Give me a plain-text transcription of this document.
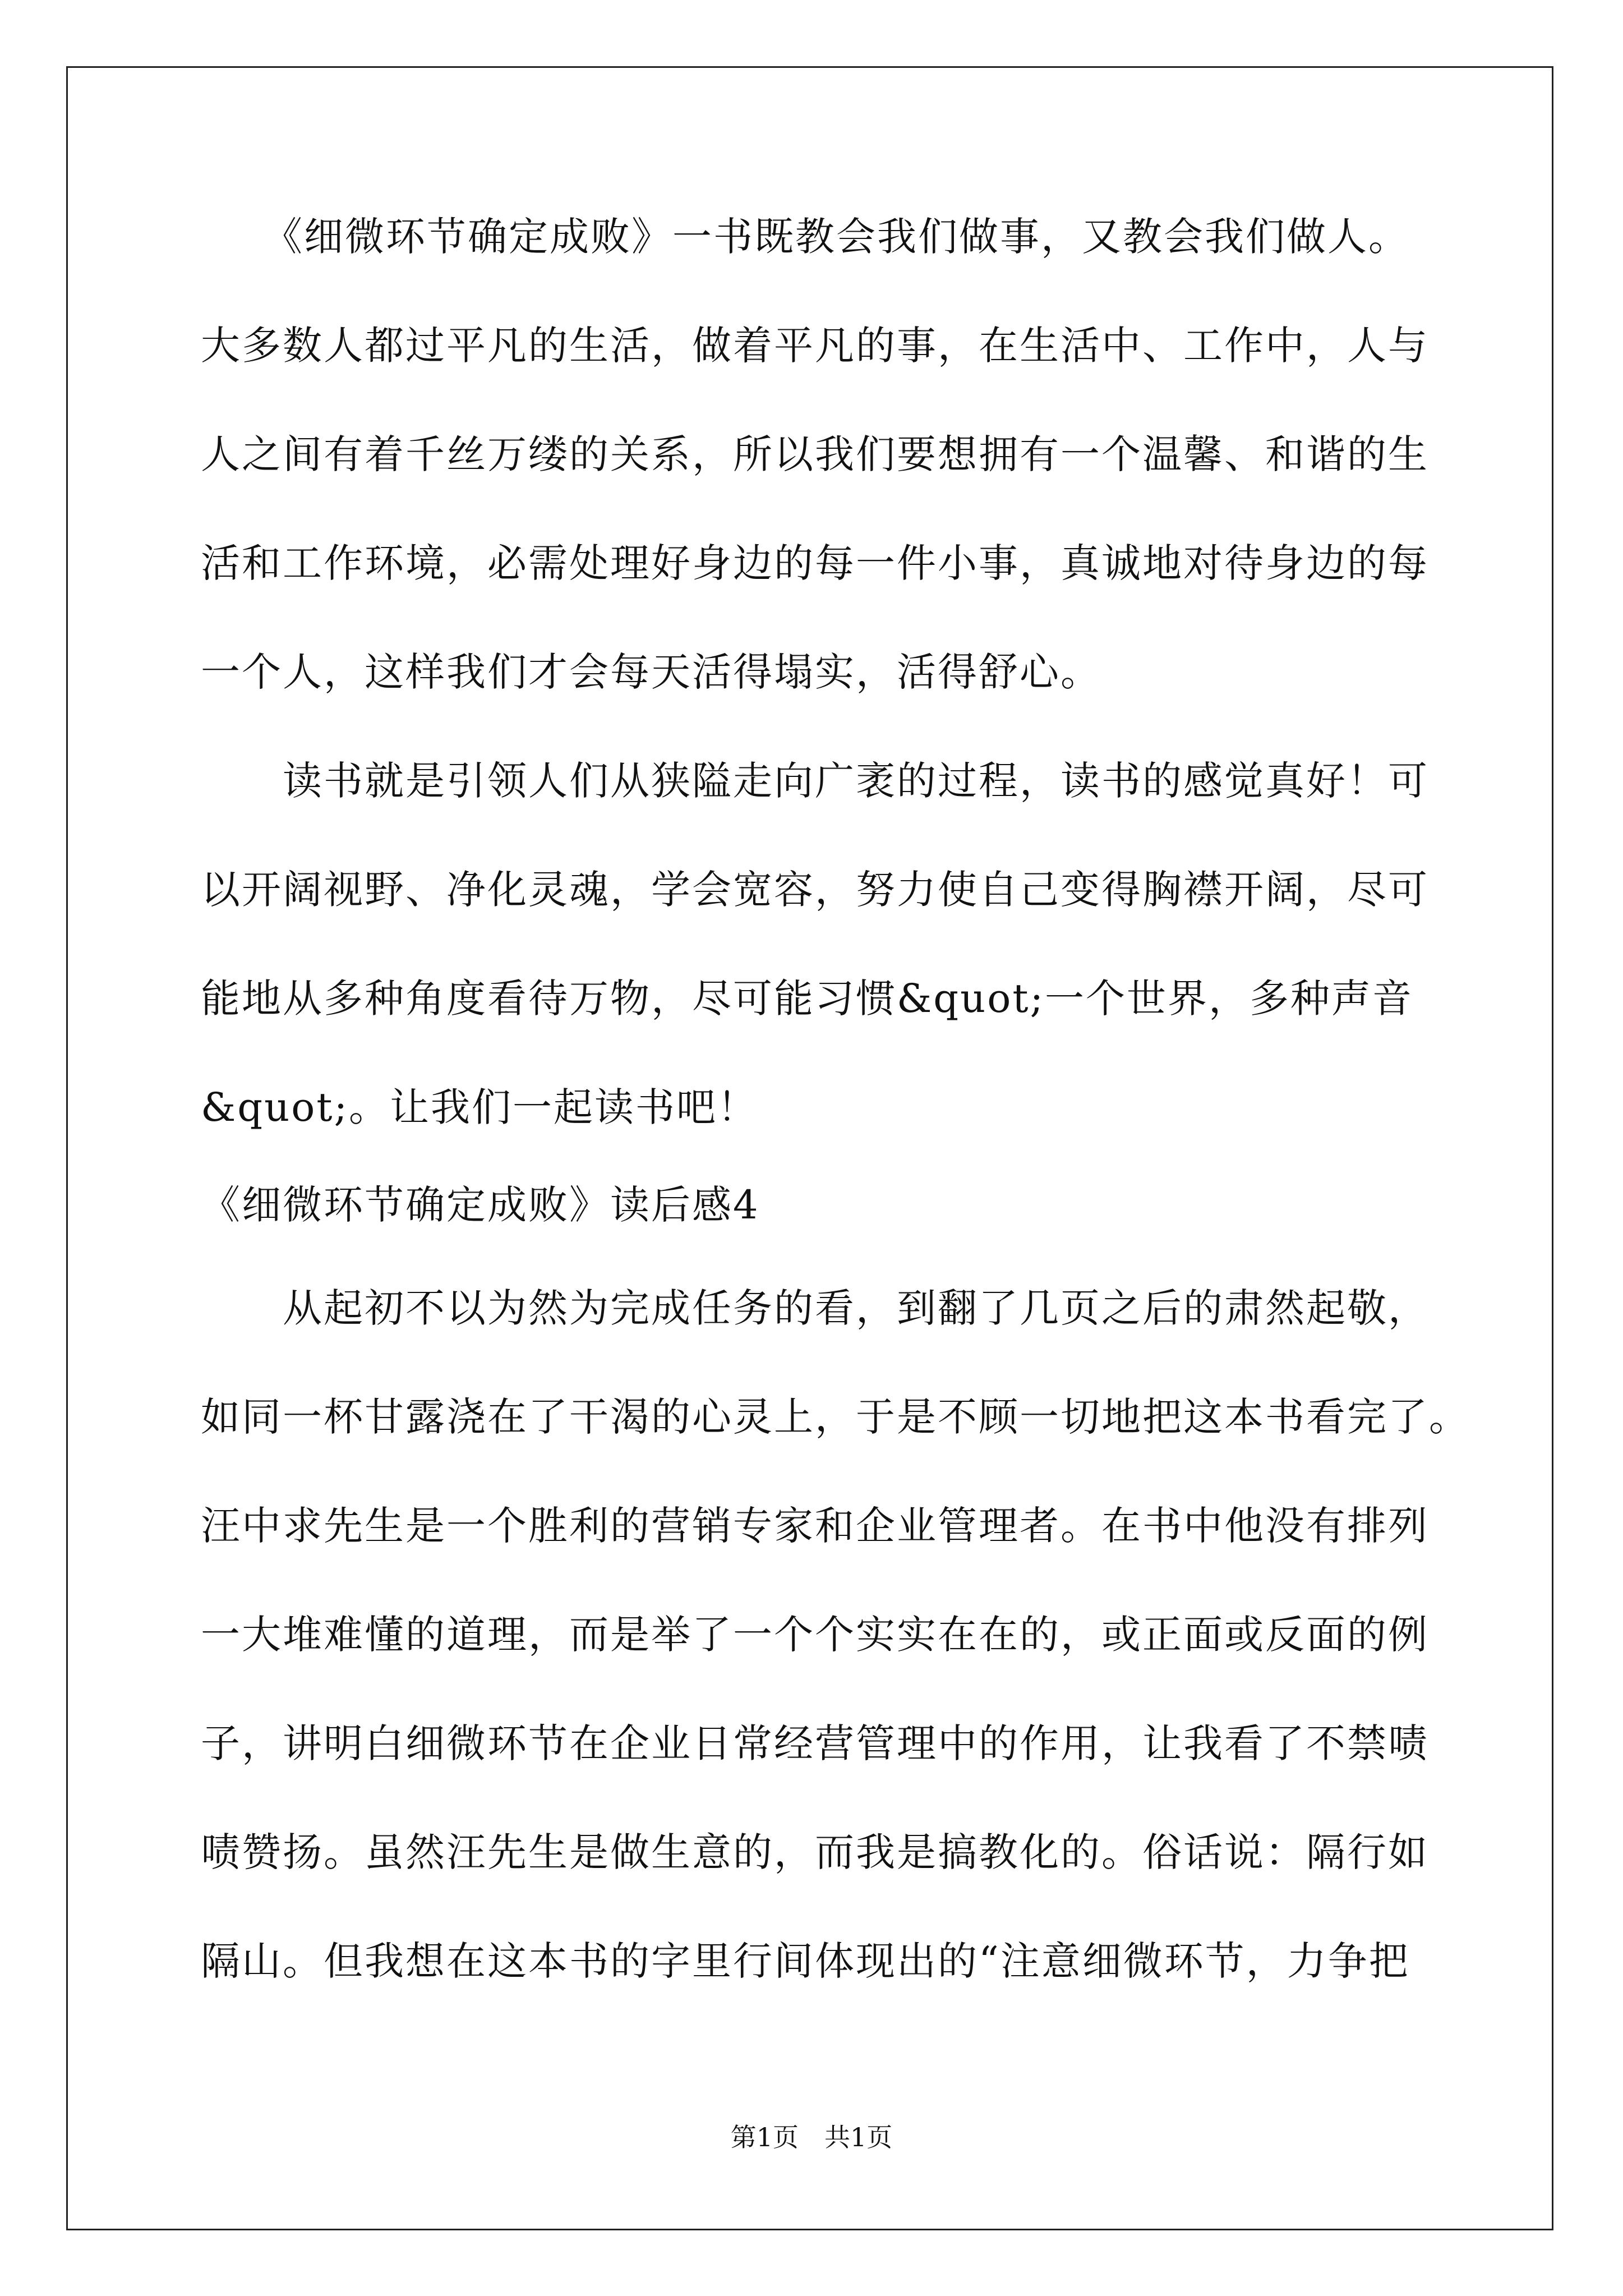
　　《细微环节确定成败》一书既教会我们做事，又教会我们做人。
大多数人都过平凡的生活，做着平凡的事，在生活中、工作中，人与
人之间有着千丝万缕的关系，所以我们要想拥有一个温馨、和谐的生
活和工作环境，必需处理好身边的每一件小事，真诚地对待身边的每
一个人，这样我们才会每天活得塌实，活得舒心。
　　读书就是引领人们从狭隘走向广袤的过程，读书的感觉真好！可
以开阔视野、净化灵魂，学会宽容，努力使自己变得胸襟开阔，尽可
能地从多种角度看待万物，尽可能习惯&quot;一个世界，多种声音
&quot;。让我们一起读书吧！
《细微环节确定成败》读后感4
　　从起初不以为然为完成任务的看，到翻了几页之后的肃然起敬，
如同一杯甘露浇在了干渴的心灵上，于是不顾一切地把这本书看完了。
汪中求先生是一个胜利的营销专家和企业管理者。在书中他没有排列
一大堆难懂的道理，而是举了一个个实实在在的，或正面或反面的例
子，讲明白细微环节在企业日常经营管理中的作用，让我看了不禁啧
啧赞扬。虽然汪先生是做生意的，而我是搞教化的。俗话说：隔行如
隔山。但我想在这本书的字里行间体现出的“注意细微环节，力争把
第1页　共1页
